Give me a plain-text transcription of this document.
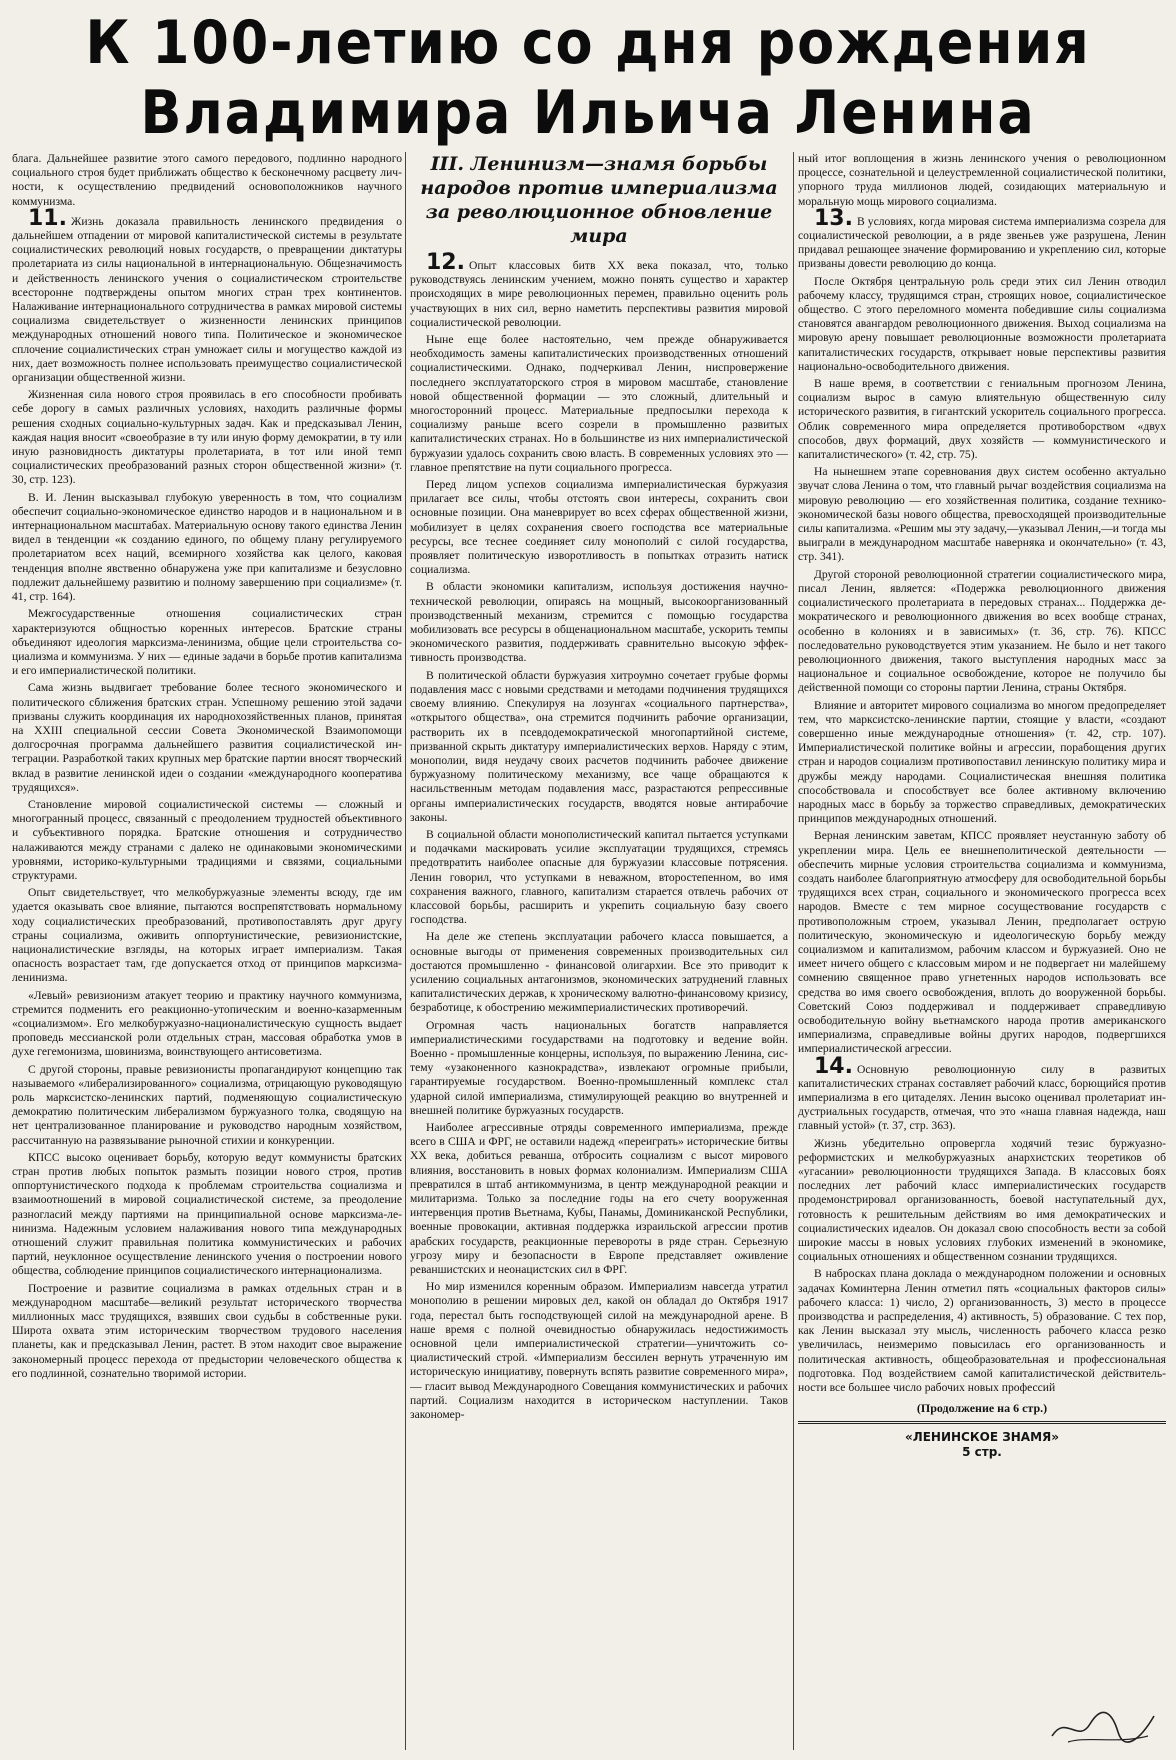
К 100-летию со дня рождения
Владимира Ильича Ленина

блага. Дальнейшее развитие этого самого передового, подлинно народного социального строя будет приближать общество к бесконечному расцвету личности, к осуществлению предвидений основоположников научного коммунизма.

11. Жизнь доказала правильность ленинского предвидения о дальнейшем отпадении от мировой капиталистической системы в результате социалистических революций новых государств, о превращении диктатуры пролетариата из силы национальной в интернациональную. Общезначимость и действенность ленинского учения о социалистическом строительстве всесторонне подтверждены опытом многих стран трех континентов. Налаживание интернационального сотрудничества в рамках мировой системы социализма свидетельствует о жизненности ленинских принципов международных отношений нового типа. Политическое и экономическое сплочение социалистических стран умножает силы и могущество каждой из них, дает возможность полнее использовать преимущество социалистической организации общественной жизни.

Жизненная сила нового строя проявилась в его способности пробивать себе дорогу в самых различных условиях, находить различные формы решения сходных социально-культурных задач. Как и предсказывал Ленин, каждая нация вносит «своеобразие в ту или иную форму демократии, в ту или иную разновидность диктатуры пролетариата, в тот или иной темп социалистических преобразований разных сторон общественной жизни» (т. 30, стр. 123).

В. И. Ленин высказывал глубокую уверенность в том, что социализм обеспечит социально-экономическое единство народов и в национальном и в интернациональном масштабах. Материальную основу такого единства Ленин видел в тенденции «к созданию единого, по общему плану регулируемого пролетариатом всех наций, всемирного хозяйства как целого, каковая тенденция вполне явственно обнаружена уже при капитализме и безусловно подлежит дальнейшему развитию и полному завершению при социализме» (т. 41, стр. 164).

Межгосударственные отношения социалистических стран характеризуются общностью коренных интересов. Братские страны объединяют идеология марксизма-ленинизма, общие цели строительства социализма и коммунизма. У них — единые задачи в борьбе против капитализма и его империалистической политики.

Сама жизнь выдвигает требование более тесного экономического и политического сближения братских стран. Успешному решению этой задачи призваны служить координация их народнохозяйственных планов, принятая на XXIII специальной сессии Совета Экономической Взаимопомощи долгосрочная программа дальнейшего развития социалистической интеграции. Разработкой таких крупных мер братские партии вносят творческий вклад в развитие ленинской идеи о создании «международного кооператива трудящихся».

Становление мировой социалистической системы — сложный и многогранный процесс, связанный с преодолением трудностей объективного и субъективного порядка. Братские отношения и сотрудничество налаживаются между странами с далеко не одинаковыми экономическими уровнями, историко-культурными традициями и связями, социальными структурами.

Опыт свидетельствует, что мелкобуржуазные элементы всюду, где им удается оказывать свое влияние, пытаются воспрепятствовать нормальному ходу социалистических преобразований, противопоставлять друг другу страны социализма, оживить оппортунистические, ревизионистские, националистические взгляды, на которых играет империализм. Такая опасность возрастает там, где допускается отход от принципов марксизма-ленинизма.

«Левый» ревизионизм атакует теорию и практику научного коммунизма, стремится подменить его реакционно-утопическим и военно-казарменным «социализмом». Его мелкобуржуазно-националистическую сущность выдает проповедь мессианской роли отдельных стран, массовая обработка умов в духе гегемонизма, шовинизма, воинствующего антисоветизма.

С другой стороны, правые ревизионисты пропагандируют концепцию так называемого «либерализированного» социализма, отрицающую руководящую роль марксистско-ленинских партий, подменяющую социалистическую демократию политическим либерализмом буржуазного толка, сводящую на нет централизованное планирование и руководство народным хозяйством, рассчитанную на развязывание рыночной стихии и конкуренции.

КПСС высоко оценивает борьбу, которую ведут коммунисты братских стран против любых попыток размыть позиции нового строя, против оппортунистического подхода к проблемам строительства социализма и взаимоотношений в мировой социалистической системе, за преодоление разногласий между партиями на принципиальной основе марксизма-ленинизма. Надежным условием налаживания нового типа международных отношений служит правильная политика коммунистических и рабочих партий, неуклонное осуществление ленинского учения о построении нового общества, соблюдение принципов социалистического интернационализма.

Построение и развитие социализма в рамках отдельных стран и в международном масштабе—великий результат исторического творчества миллионных масс трудящихся, взявших свои судьбы в собственные руки. Широта охвата этим историческим творчеством трудового населения планеты, как и предсказывал Ленин, растет. В этом находит свое выражение закономерный процесс перехода от предыстории человеческого общества к его подлинной, сознательно творимой истории.

III. Ленинизм—знамя борьбы народов против империализма за революционное обновление мира

12. Опыт классовых битв XX века показал, что, только руководствуясь ленинским учением, можно понять существо и характер происходящих в мире революционных перемен, правильно оценить роль участвующих в них сил, верно наметить перспективы развития мировой социалистической революции.

Ныне еще более настоятельно, чем прежде обнаруживается необходимость замены капиталистических производственных отношений социалистическими. Однако, подчеркивал Ленин, ниспровержение последнего эксплуататорского строя в мировом масштабе, становление новой общественной формации — это сложный, длительный и многосторонний процесс. Материальные предпосылки перехода к социализму раньше всего созрели в промышленно развитых капиталистических странах. Но в большинстве из них империалистической буржуазии удалось сохранить свою власть. В современных условиях это — главное препятствие на пути социального прогресса.

Перед лицом успехов социализма империалистическая буржуазия прилагает все силы, чтобы отстоять свои интересы, сохранить свои основные позиции. Она маневрирует во всех сферах общественной жизни, мобилизует в целях сохранения своего господства все материальные ресурсы, все теснее соединяет силу монополий с силой государства, проявляет политическую изворотливость в попытках отразить натиск социализма.

В области экономики капитализм, используя достижения научно-технической революции, опираясь на мощный, высокоорганизованный производственный механизм, стремится с помощью государства мобилизовать все ресурсы в общенациональном масштабе, ускорить темпы экономического развития, поддерживать сравнительно высокую эффективность производства.

В политической области буржуазия хитроумно сочетает грубые формы подавления масс с новыми средствами и методами подчинения трудящихся своему влиянию. Спекулируя на лозунгах «социального партнерства», «открытого общества», она стремится подчинить рабочие организации, растворить их в псевдодемократической многопартийной системе, призванной скрыть диктатуру империалистических верхов. Наряду с этим, монополии, видя неудачу своих расчетов подчинить рабочее движение буржуазному политическому механизму, все чаще обращаются к насильственным методам подавления масс, разрастаются репрессивные органы империалистических государств, вводятся новые антирабочие законы.

В социальной области монополистический капитал пытается уступками и подачками маскировать усилие эксплуатации трудящихся, стремясь предотвратить наиболее опасные для буржуазии классовые потрясения. Ленин говорил, что уступками в неважном, второстепенном, во имя сохранения важного, главного, капитализм старается отвлечь рабочих от классовой борьбы, расширить и укрепить социальную базу своего господства.

На деле же степень эксплуатации рабочего класса повышается, а основные выгоды от применения современных производительных сил достаются промышленно - финансовой олигархии. Все это приводит к усилению социальных антагонизмов, экономических затруднений главных капиталистических держав, к хроническому валютно-финансовому кризису, безработице, к обострению межимпериалистических противоречий.

Огромная часть национальных богатств направляется империалистическими государствами на подготовку и ведение войн. Военно - промышленные концерны, используя, по выражению Ленина, систему «узаконенного казнокрадства», извлекают огромные прибыли, гарантируемые государством. Военно-промышленный комплекс стал ударной силой империализма, стимулирующей реакцию во внутренней и внешней политике буржуазных государств.

Наиболее агрессивные отряды современного империализма, прежде всего в США и ФРГ, не оставили надежд «переиграть» исторические битвы XX века, добиться реванша, отбросить социализм с высот мирового влияния, восстановить в новых формах колониализм. Империализм США превратился в штаб антикоммунизма, в центр международной реакции и милитаризма. Только за последние годы на его счету вооруженная интервенция против Вьетнама, Кубы, Панамы, Доминиканской Республики, военные провокации, активная поддержка израильской агрессии против арабских государств, реакционные перевороты в ряде стран. Серьезную угрозу миру и безопасности в Европе представляет оживление реваншистских и неонацистских сил в ФРГ.

Но мир изменился коренным образом. Империализм навсегда утратил монополию в решении мировых дел, какой он обладал до Октября 1917 года, перестал быть господствующей силой на международной арене. В наше время с полной очевидностью обнаружилась недостижимость основной цели империалистической стратегии—уничтожить социалистический строй. «Империализм бессилен вернуть утраченную им историческую инициативу, повернуть вспять развитие современного мира», — гласит вывод Международного Совещания коммунистических и рабочих партий. Социализм находится в историческом наступлении. Таков закономер-

ный итог воплощения в жизнь ленинского учения о революционном процессе, сознательной и целеустремленной социалистической политики, упорного труда миллионов людей, созидающих материальную и моральную мощь мирового социализма.

13. В условиях, когда мировая система империализма созрела для социалистической революции, а в ряде звеньев уже разрушена, Ленин придавал решающее значение формированию и укреплению сил, которые призваны довести революцию до конца.

После Октября центральную роль среди этих сил Ленин отводил рабочему классу, трудящимся стран, строящих новое, социалистическое общество. С этого переломного момента победившие силы социализма становятся авангардом революционного движения. Выход социализма на мировую арену повышает революционные возможности пролетариата капиталистических государств, открывает новые перспективы развития национально-освободительного движения.

В наше время, в соответствии с гениальным прогнозом Ленина, социализм вырос в самую влиятельную общественную силу исторического развития, в гигантский ускоритель социального прогресса. Облик современного мира определяется противоборством «двух способов, двух формаций, двух хозяйств — коммунистического и капиталистического» (т. 42, стр. 75).

На нынешнем этапе соревнования двух систем особенно актуально звучат слова Ленина о том, что главный рычаг воздействия социализма на мировую революцию — его хозяйственная политика, создание технико-экономической базы нового общества, превосходящей производительные силы капитализма. «Решим мы эту задачу,—указывал Ленин,—и тогда мы выиграли в международном масштабе наверняка и окончательно» (т. 43, стр. 341).

Другой стороной революционной стратегии социалистического мира, писал Ленин, является: «Подержка революционного движения социалистического пролетариата в передовых странах... Поддержка демократического и революционного движения во всех вообще странах, особенно в колониях и в зависимых» (т. 36, стр. 76). КПСС последовательно руководствуется этим указанием. Не было и нет такого революционного движения, такого выступления народных масс за национальное и социальное освобождение, которое не получило бы действенной помощи со стороны партии Ленина, страны Октября.

Влияние и авторитет мирового социализма во многом предопределяет тем, что марксистско-ленинские партии, стоящие у власти, «создают совершенно иные международные отношения» (т. 42, стр. 107). Империалистической политике войны и агрессии, порабощения других стран и народов социализм противопоставил ленинскую политику мира и дружбы между народами. Социалистическая внешняя политика способствовала и способствует все более активному включению народных масс в борьбу за торжество справедливых, демократических принципов международных отношений.

Верная ленинским заветам, КПСС проявляет неустанную заботу об укреплении мира. Цель ее внешнеполитической деятельности — обеспечить мирные условия строительства социализма и коммунизма, создать наиболее благоприятную атмосферу для освободительной борьбы трудящихся всех стран, социального и экономического прогресса всех народов. Вместе с тем мирное сосуществование государств с противоположным строем, указывал Ленин, предполагает острую политическую, экономическую и идеологическую борьбу между социализмом и капитализмом, рабочим классом и буржуазией. Оно не имеет ничего общего с классовым миром и не подвергает ни малейшему сомнению священное право угнетенных народов использовать все средства во имя своего освобождения, вплоть до вооруженной борьбы. Советский Союз поддерживал и поддерживает справедливую освободительную войну вьетнамского народа против американского империализма, справедливые войны других народов, подвергшихся империалистической агрессии.

14. Основную революционную силу в развитых капиталистических странах составляет рабочий класс, борющийся против империализма в его цитаделях. Ленин высоко оценивал пролетариат индустриальных государств, отмечая, что это «наша главная надежда, наш главный устой» (т. 37, стр. 363).

Жизнь убедительно опровергла ходячий тезис буржуазно-реформистских и мелкобуржуазных анархистских теоретиков об «угасании» революционности трудящихся Запада. В классовых боях последних лет рабочий класс империалистических государств продемонстрировал организованность, боевой наступательный дух, готовность к решительным действиям во имя демократических и социалистических идеалов. Он доказал свою способность вести за собой широкие массы в новых условиях глубоких изменений в экономике, социальных отношениях и общественном сознании трудящихся.

В набросках плана доклада о международном положении и основных задачах Коминтерна Ленин отметил пять «социальных факторов силы» рабочего класса: 1) число, 2) организованность, 3) место в процессе производства и распределения, 4) активность, 5) образование. С тех пор, как Ленин высказал эту мысль, численность рабочего класса резко увеличилась, неизмеримо повысилась его организованность и политическая активность, общеобразовательная и профессиональная подготовка. Под воздействием самой капиталистической действительности все большее число рабочих новых профессий

(Продолжение на 6 стр.)
«ЛЕНИНСКОЕ ЗНАМЯ»
5 стр.
